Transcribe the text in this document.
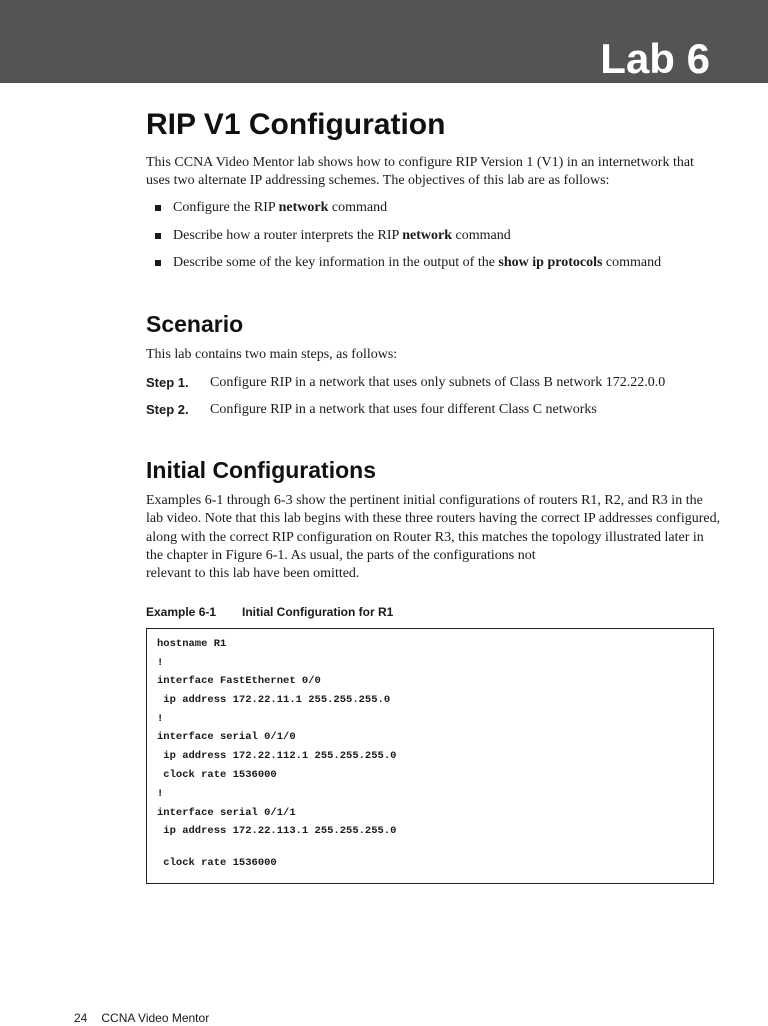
Lab 6
RIP V1 Configuration

This CCNA Video Mentor lab shows how to configure RIP Version 1 (V1) in an internetwork that uses two alternate IP addressing schemes. The objectives of this lab are as follows:

Configure the RIP network command
Describe how a router interprets the RIP network command
Describe some of the key information in the output of the show ip protocols command
Scenario

This lab contains two main steps, as follows:

Step 1. Configure RIP in a network that uses only subnets of Class B network 172.22.0.0
Step 2. Configure RIP in a network that uses four different Class C networks
Initial Configurations
Examples 6-1 through 6-3 show the pertinent initial configurations of routers R1, R2, and R3 in the
lab video. Note that this lab begins with these three routers having the correct IP addresses configured,
along with the correct RIP configuration on Router R3, this matches the topology illustrated later in
the chapter in Figure 6-1. As usual, the parts of the configurations not
relevant to this lab have been omitted.
Example 6-1 Initial Configuration for R1
hostname R1
!
interface FastEthernet 0/0
ip address 172.22.11.1 255.255.255.0
!
interface serial 0/1/0
ip address 172.22.112.1 255.255.255.0
clock rate 1536000
!
interface serial 0/1/1
ip address 172.22.113.1 255.255.255.0
clock rate 1536000
24 CCNA Video Mentor
